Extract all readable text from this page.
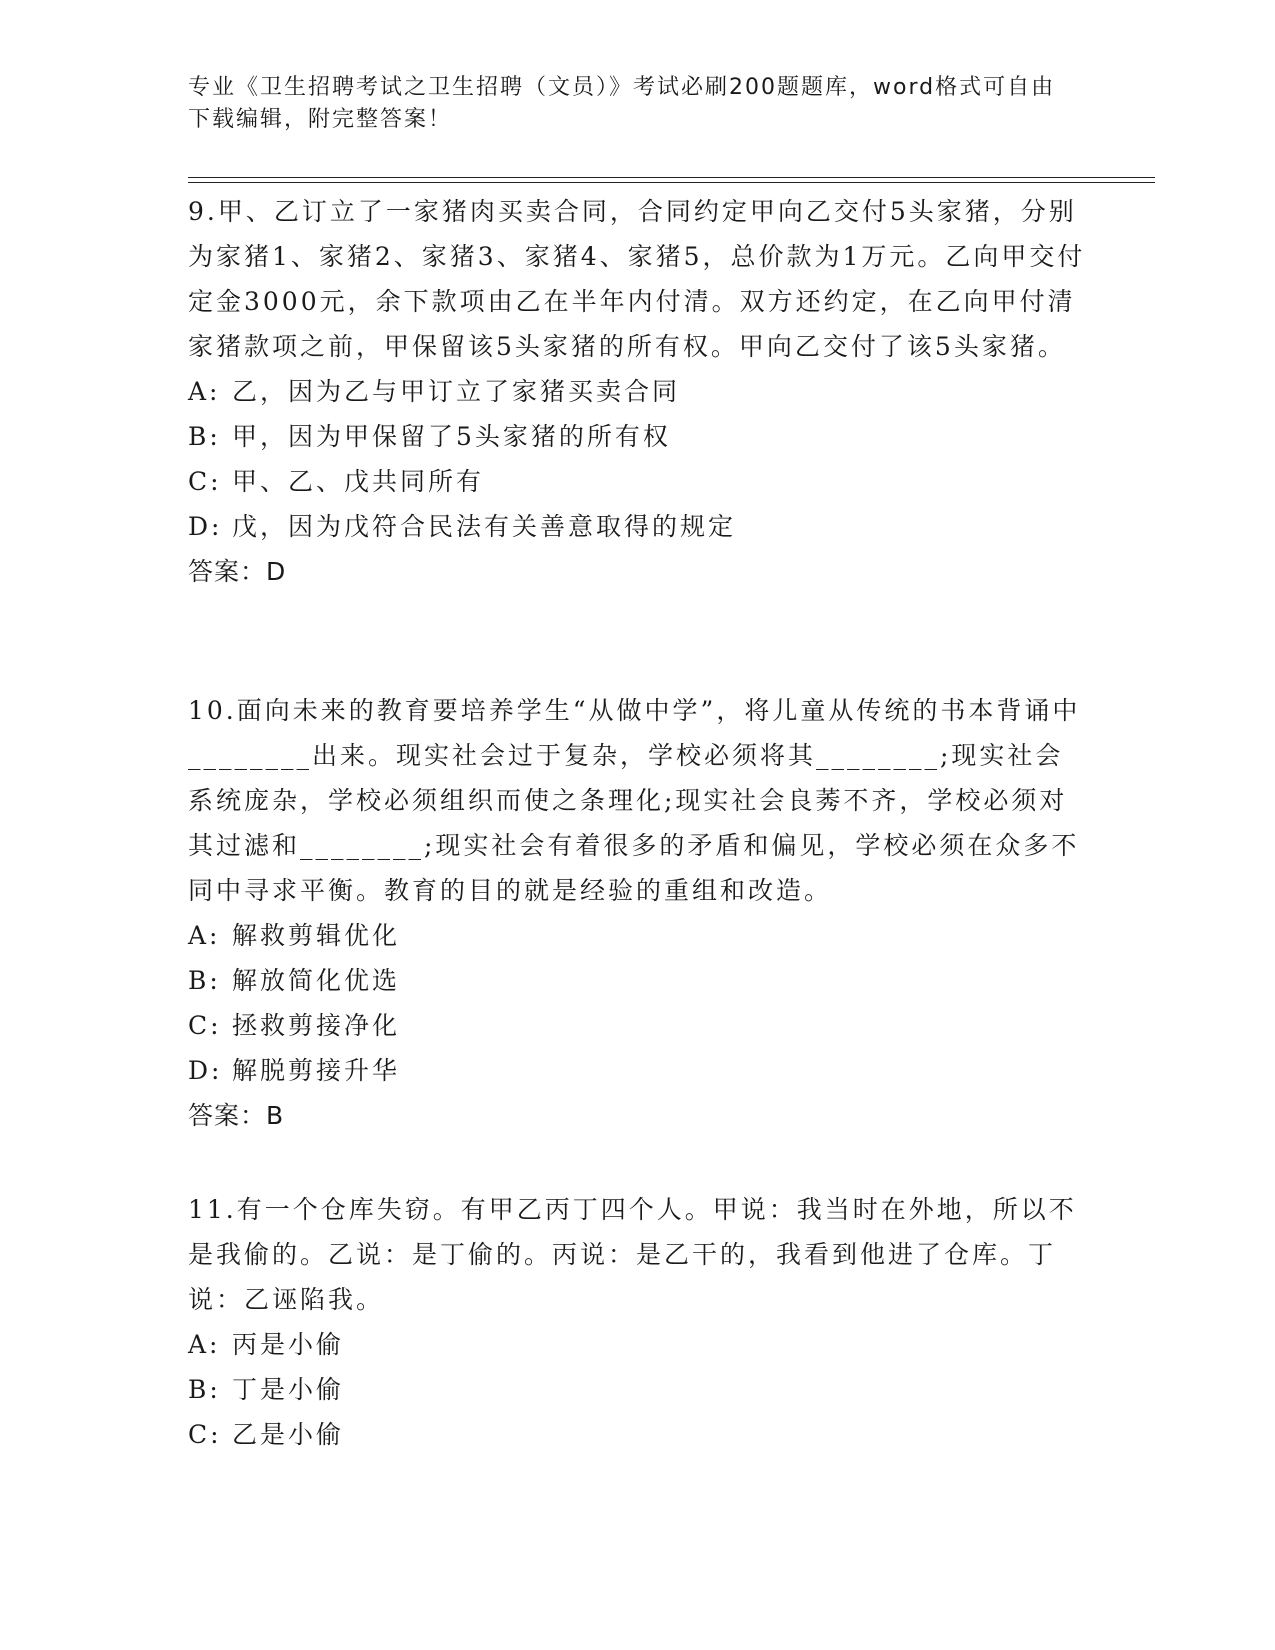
专业《卫生招聘考试之卫生招聘（文员）》考试必刷200题题库，word格式可自由下载编辑，附完整答案！

9.甲、乙订立了一家猪肉买卖合同，合同约定甲向乙交付5头家猪，分别为家猪1、家猪2、家猪3、家猪4、家猪5，总价款为1万元。乙向甲交付定金3000元，余下款项由乙在半年内付清。双方还约定，在乙向甲付清家猪款项之前，甲保留该5头家猪的所有权。甲向乙交付了该5头家猪。

A: 乙，因为乙与甲订立了家猪买卖合同
B: 甲，因为甲保留了5头家猪的所有权
C: 甲、乙、戊共同所有
D: 戊，因为戊符合民法有关善意取得的规定
答案：D

10.面向未来的教育要培养学生“从做中学”，将儿童从传统的书本背诵中________出来。现实社会过于复杂，学校必须将其________;现实社会系统庞杂，学校必须组织而使之条理化;现实社会良莠不齐，学校必须对其过滤和________;现实社会有着很多的矛盾和偏见，学校必须在众多不同中寻求平衡。教育的目的就是经验的重组和改造。

A: 解救剪辑优化
B: 解放简化优选
C: 拯救剪接净化
D: 解脱剪接升华
答案：B

11.有一个仓库失窃。有甲乙丙丁四个人。甲说：我当时在外地，所以不是我偷的。乙说：是丁偷的。丙说：是乙干的，我看到他进了仓库。丁说：乙诬陷我。

A: 丙是小偷
B: 丁是小偷
C: 乙是小偷
